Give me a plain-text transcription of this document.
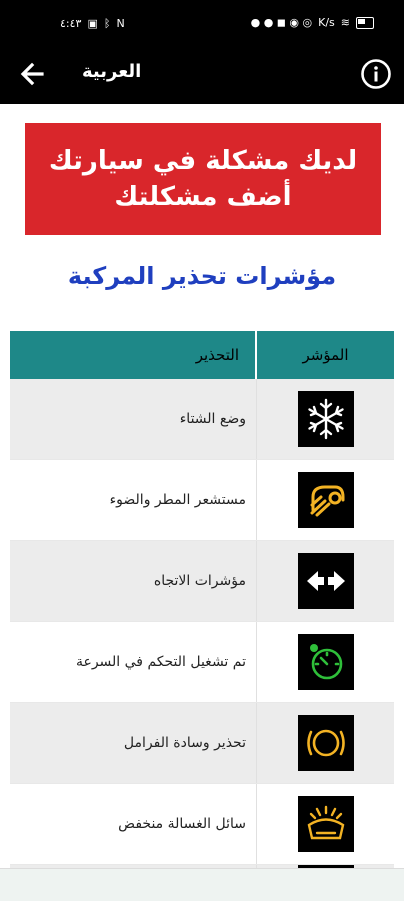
٤:٤٣ ▣ ᛒ N	● ● ◼ ◉ ◎ K/s ≋
العربية
لديك مشكلة في سيارتك
أضف مشكلتك
مؤشرات تحذير المركبة
التحذير	المؤشر
وضع الشتاء
مستشعر المطر والضوء
مؤشرات الاتجاه
تم تشغيل التحكم في السرعة
تحذير وسادة الفرامل
سائل الغسالة منخفض
